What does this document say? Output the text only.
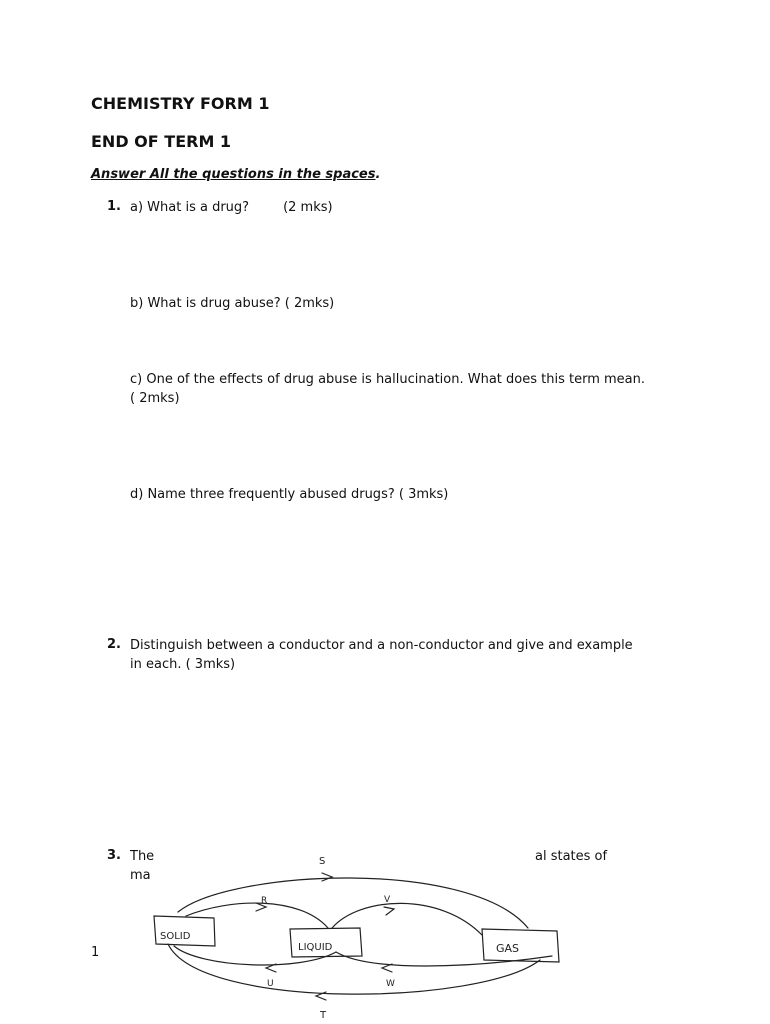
CHEMISTRY FORM 1
END OF TERM 1
Answer All the questions in the spaces.
1. a) What is a drug?	(2 mks)
b) What is drug abuse? ( 2mks)
c) One of the effects of drug abuse is hallucination. What does this term mean.
( 2mks)
d) Name three frequently abused drugs? ( 3mks)
2. Distinguish between a conductor and a non-conductor and give and example
in each. ( 3mks)
3. The	al states of
ma
SOLID
LIQUID	GAS
S
R	V
U	W
T
1
